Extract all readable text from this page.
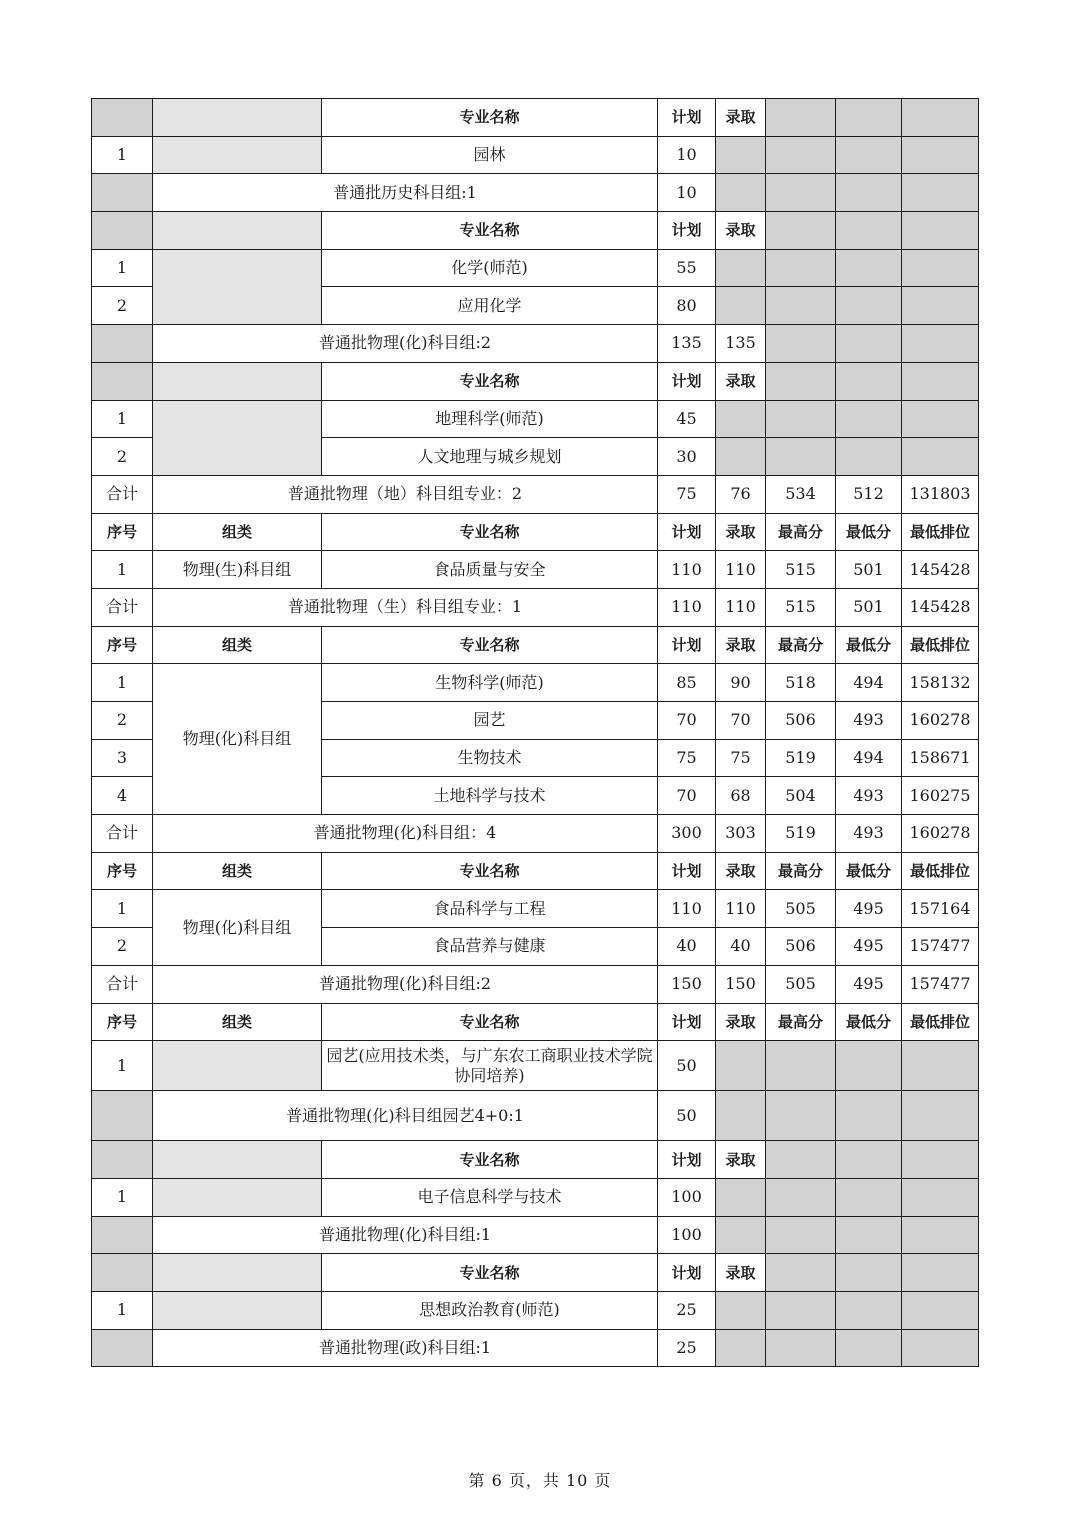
		专业名称	计划	录取			
1		园林	10				
	普通批历史科目组:1		10				
		专业名称	计划	录取			
1		化学(师范)	55				
2		应用化学	80				
	普通批物理(化)科目组:2		135	135			
		专业名称	计划	录取			
1		地理科学(师范)	45				
2		人文地理与城乡规划	30				
合计	普通批物理（地）科目组专业：2		75	76	534	512	131803
序号	组类	专业名称	计划	录取	最高分	最低分	最低排位
1	物理(生)科目组	食品质量与安全	110	110	515	501	145428
合计	普通批物理（生）科目组专业：1		110	110	515	501	145428
序号	组类	专业名称	计划	录取	最高分	最低分	最低排位
1	物理(化)科目组	生物科学(师范)	85	90	518	494	158132
2		园艺	70	70	506	493	160278
3		生物技术	75	75	519	494	158671
4		土地科学与技术	70	68	504	493	160275
合计	普通批物理(化)科目组：4		300	303	519	493	160278
序号	组类	专业名称	计划	录取	最高分	最低分	最低排位
1	物理(化)科目组	食品科学与工程	110	110	505	495	157164
2		食品营养与健康	40	40	506	495	157477
合计	普通批物理(化)科目组:2		150	150	505	495	157477
序号	组类	专业名称	计划	录取	最高分	最低分	最低排位
1		园艺(应用技术类，与广东农工商职业技术学院协同培养)	50				
	普通批物理(化)科目组园艺4+0:1		50				
		专业名称	计划	录取			
1		电子信息科学与技术	100				
	普通批物理(化)科目组:1		100				
		专业名称	计划	录取			
1		思想政治教育(师范)	25				
	普通批物理(政)科目组:1		25				
第 6 页，共 10 页
